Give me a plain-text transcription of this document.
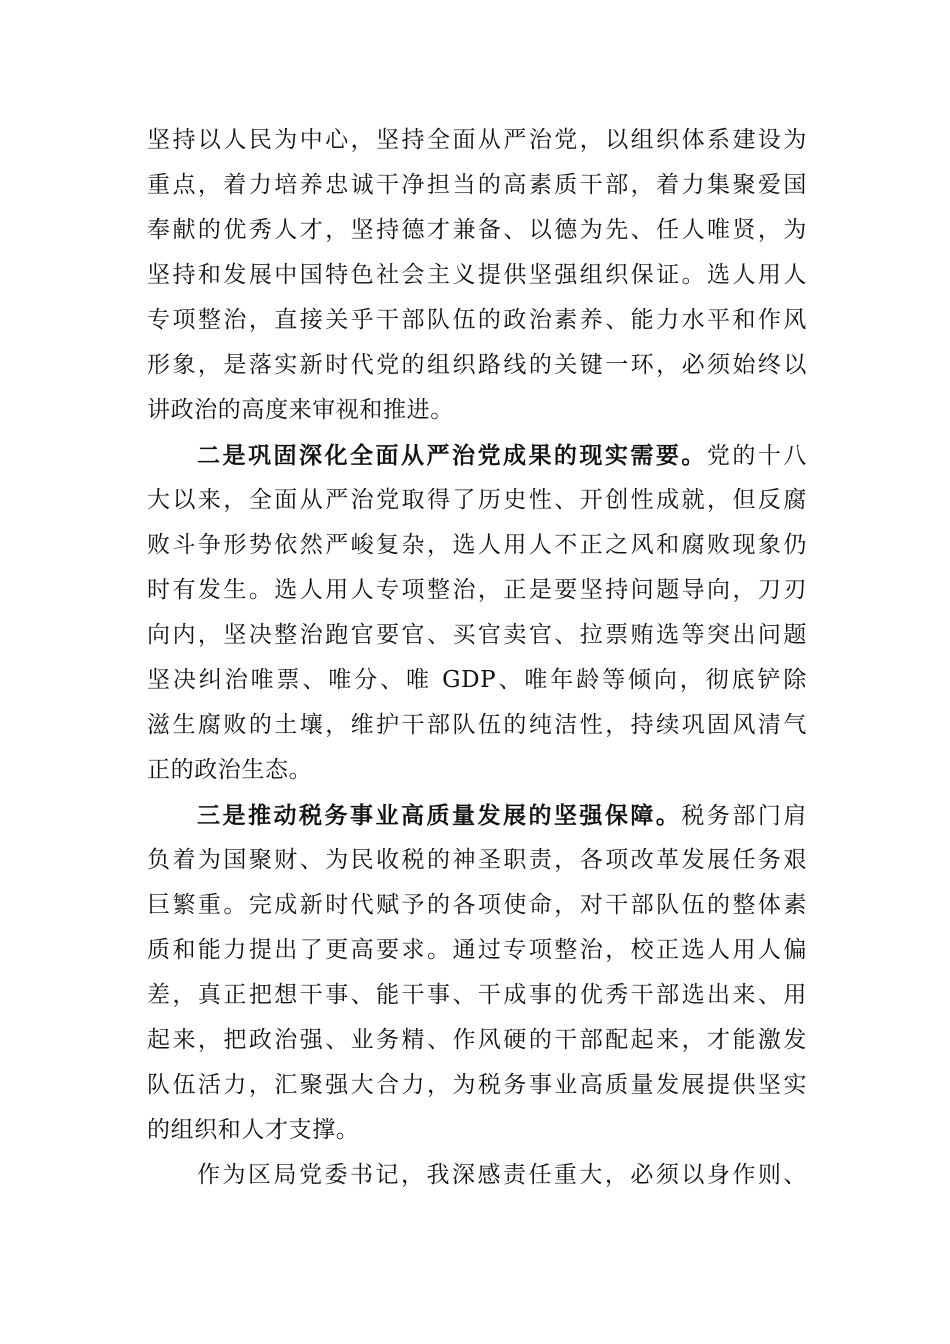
坚持以人民为中心，坚持全面从严治党，以组织体系建设为
重点，着力培养忠诚干净担当的高素质干部，着力集聚爱国
奉献的优秀人才，坚持德才兼备、以德为先、任人唯贤，为
坚持和发展中国特色社会主义提供坚强组织保证。选人用人
专项整治，直接关乎干部队伍的政治素养、能力水平和作风
形象，是落实新时代党的组织路线的关键一环，必须始终以
讲政治的高度来审视和推进。
二是巩固深化全面从严治党成果的现实需要。党的十八
大以来，全面从严治党取得了历史性、开创性成就，但反腐
败斗争形势依然严峻复杂，选人用人不正之风和腐败现象仍
时有发生。选人用人专项整治，正是要坚持问题导向，刀刃
向内，坚决整治跑官要官、买官卖官、拉票贿选等突出问题
坚决纠治唯票、唯分、唯 GDP、唯年龄等倾向，彻底铲除
滋生腐败的土壤，维护干部队伍的纯洁性，持续巩固风清气
正的政治生态。
三是推动税务事业高质量发展的坚强保障。税务部门肩
负着为国聚财、为民收税的神圣职责，各项改革发展任务艰
巨繁重。完成新时代赋予的各项使命，对干部队伍的整体素
质和能力提出了更高要求。通过专项整治，校正选人用人偏
差，真正把想干事、能干事、干成事的优秀干部选出来、用
起来，把政治强、业务精、作风硬的干部配起来，才能激发
队伍活力，汇聚强大合力，为税务事业高质量发展提供坚实
的组织和人才支撑。
作为区局党委书记，我深感责任重大，必须以身作则、
